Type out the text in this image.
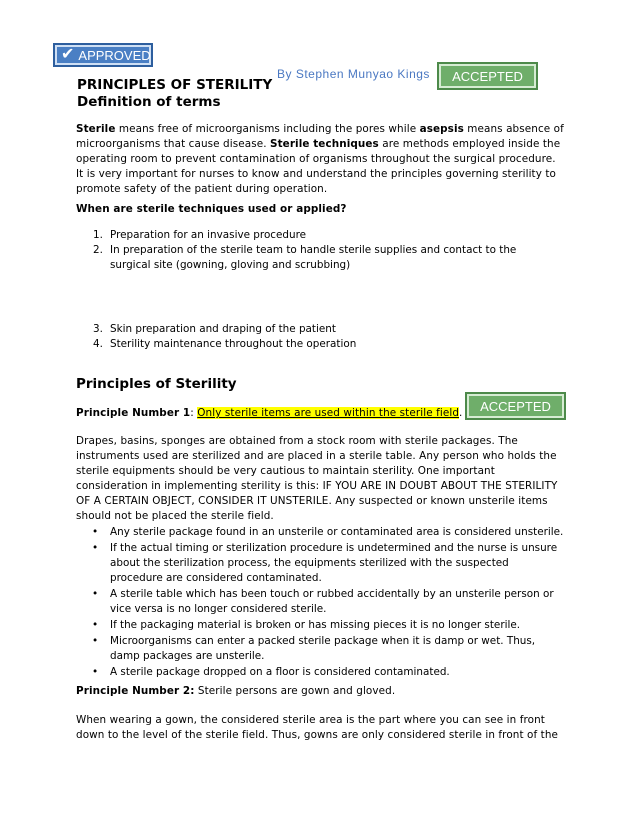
✔ APPROVED
ACCEPTED
ACCEPTED
By Stephen Munyao Kings
PRINCIPLES OF STERILITY
Definition of terms

Sterile means free of microorganisms including the pores while asepsis means absence of microorganisms that cause disease. Sterile techniques are methods employed inside the operating room to prevent contamination of organisms throughout the surgical procedure. It is very important for nurses to know and understand the principles governing sterility to promote safety of the patient during operation.

When are sterile techniques used or applied?
1. Preparation for an invasive procedure
2. In preparation of the sterile team to handle sterile supplies and contact to the surgical site (gowning, gloving and scrubbing)
3. Skin preparation and draping of the patient
4. Sterility maintenance throughout the operation
Principles of Sterility
Principle Number 1: Only sterile items are used within the sterile field.

Drapes, basins, sponges are obtained from a stock room with sterile packages. The instruments used are sterilized and are placed in a sterile table. Any person who holds the sterile equipments should be very cautious to maintain sterility. One important consideration in implementing sterility is this: IF YOU ARE IN DOUBT ABOUT THE STERILITY OF A CERTAIN OBJECT, CONSIDER IT UNSTERILE. Any suspected or known unsterile items should not be placed the sterile field.

• Any sterile package found in an unsterile or contaminated area is considered unsterile.
• If the actual timing or sterilization procedure is undetermined and the nurse is unsure about the sterilization process, the equipments sterilized with the suspected procedure are considered contaminated.
• A sterile table which has been touch or rubbed accidentally by an unsterile person or vice versa is no longer considered sterile.
• If the packaging material is broken or has missing pieces it is no longer sterile.
• Microorganisms can enter a packed sterile package when it is damp or wet. Thus, damp packages are unsterile.
• A sterile package dropped on a floor is considered contaminated.
Principle Number 2: Sterile persons are gown and gloved.

When wearing a gown, the considered sterile area is the part where you can see in front down to the level of the sterile field. Thus, gowns are only considered sterile in front of the
